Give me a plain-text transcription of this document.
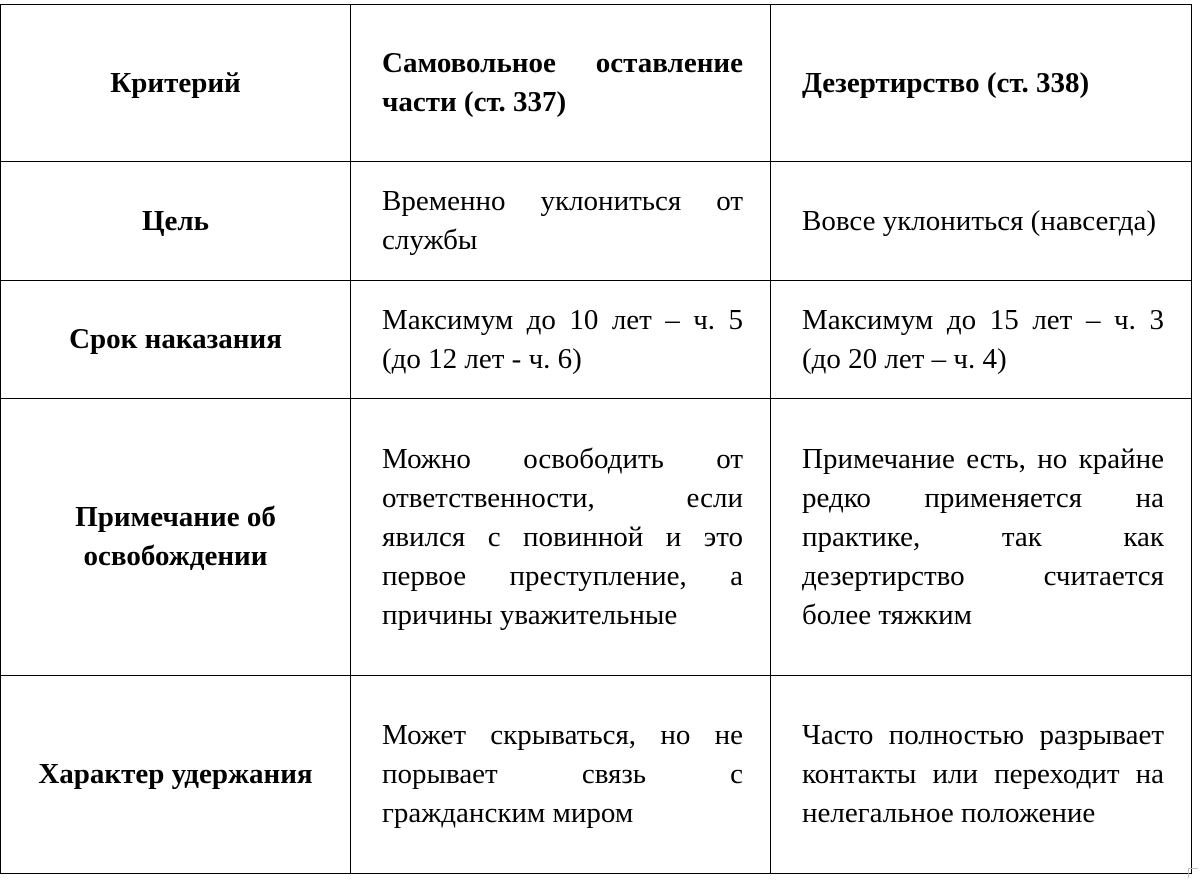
Критерий	Самовольное оставление части (ст. 337)	Дезертирство (ст. 338)
Цель	Временно уклониться от службы	Вовсе уклониться (навсегда)
Срок наказания	Максимум до 10 лет – ч. 5 (до 12 лет - ч. 6)	Максимум до 15 лет – ч. 3 (до 20 лет – ч. 4)
Примечание об освобождении	Можно освободить от ответственности, если явился с повинной и это первое преступление, а причины уважительные	Примечание есть, но крайне редко применяется на практике, так как дезертирство считается более тяжким
Характер удержания	Может скрываться, но не порывает связь с гражданским миром	Часто полностью разрывает контакты или переходит на нелегальное положение
